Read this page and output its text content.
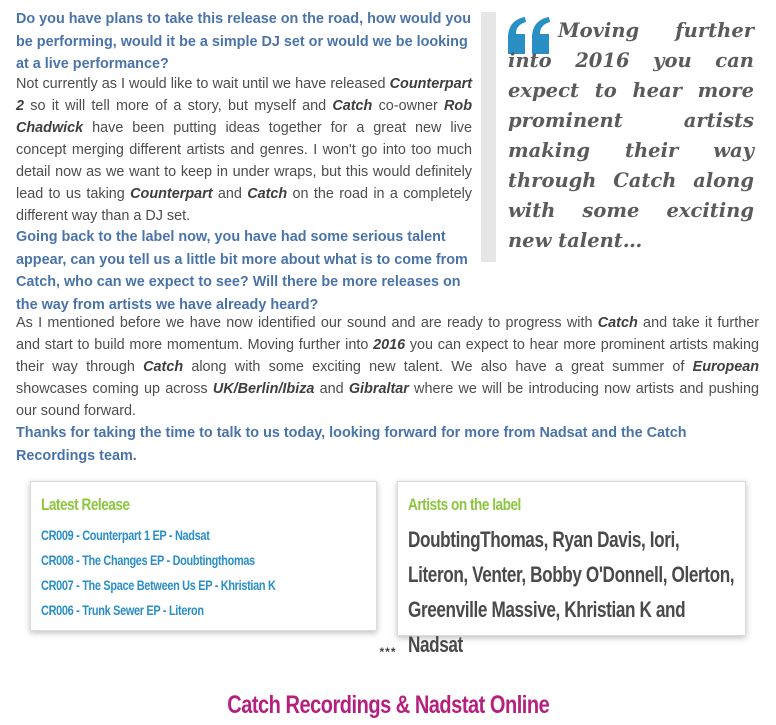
Do you have plans to take this release on the road, how would you be performing, would it be a simple DJ set or would we be looking at a live performance?

Not currently as I would like to wait until we have released Counterpart 2 so it will tell more of a story, but myself and Catch co-owner Rob Chadwick have been putting ideas together for a great new live concept merging different artists and genres. I won't go into too much detail now as we want to keep in under wraps, but this would definitely lead to us taking Counterpart and Catch on the road in a completely different way than a DJ set.

Moving further into 2016 you can expect to hear more prominent artists making their way through Catch along with some exciting new talent…

Going back to the label now, you have had some serious talent appear, can you tell us a little bit more about what is to come from Catch, who can we expect to see? Will there be more releases on the way from artists we have already heard?

As I mentioned before we have now identified our sound and are ready to progress with Catch and take it further and start to build more momentum. Moving further into 2016 you can expect to hear more prominent artists making their way through Catch along with some exciting new talent. We also have a great summer of European showcases coming up across UK/Berlin/Ibiza and Gibraltar where we will be introducing now artists and pushing our sound forward.

Thanks for taking the time to talk to us today, looking forward for more from Nadsat and the Catch Recordings team.

Latest Release
CR009 - Counterpart 1 EP - Nadsat
CR008 - The Changes EP - Doubtingthomas
CR007 - The Space Between Us EP - Khristian K
CR006 - Trunk Sewer EP - Literon
Artists on the label

DoubtingThomas, Ryan Davis, Iori, Literon, Venter, Bobby O'Donnell, Olerton, Greenville Massive, Khristian K and Nadsat

***
Catch Recordings & Nadstat Online
